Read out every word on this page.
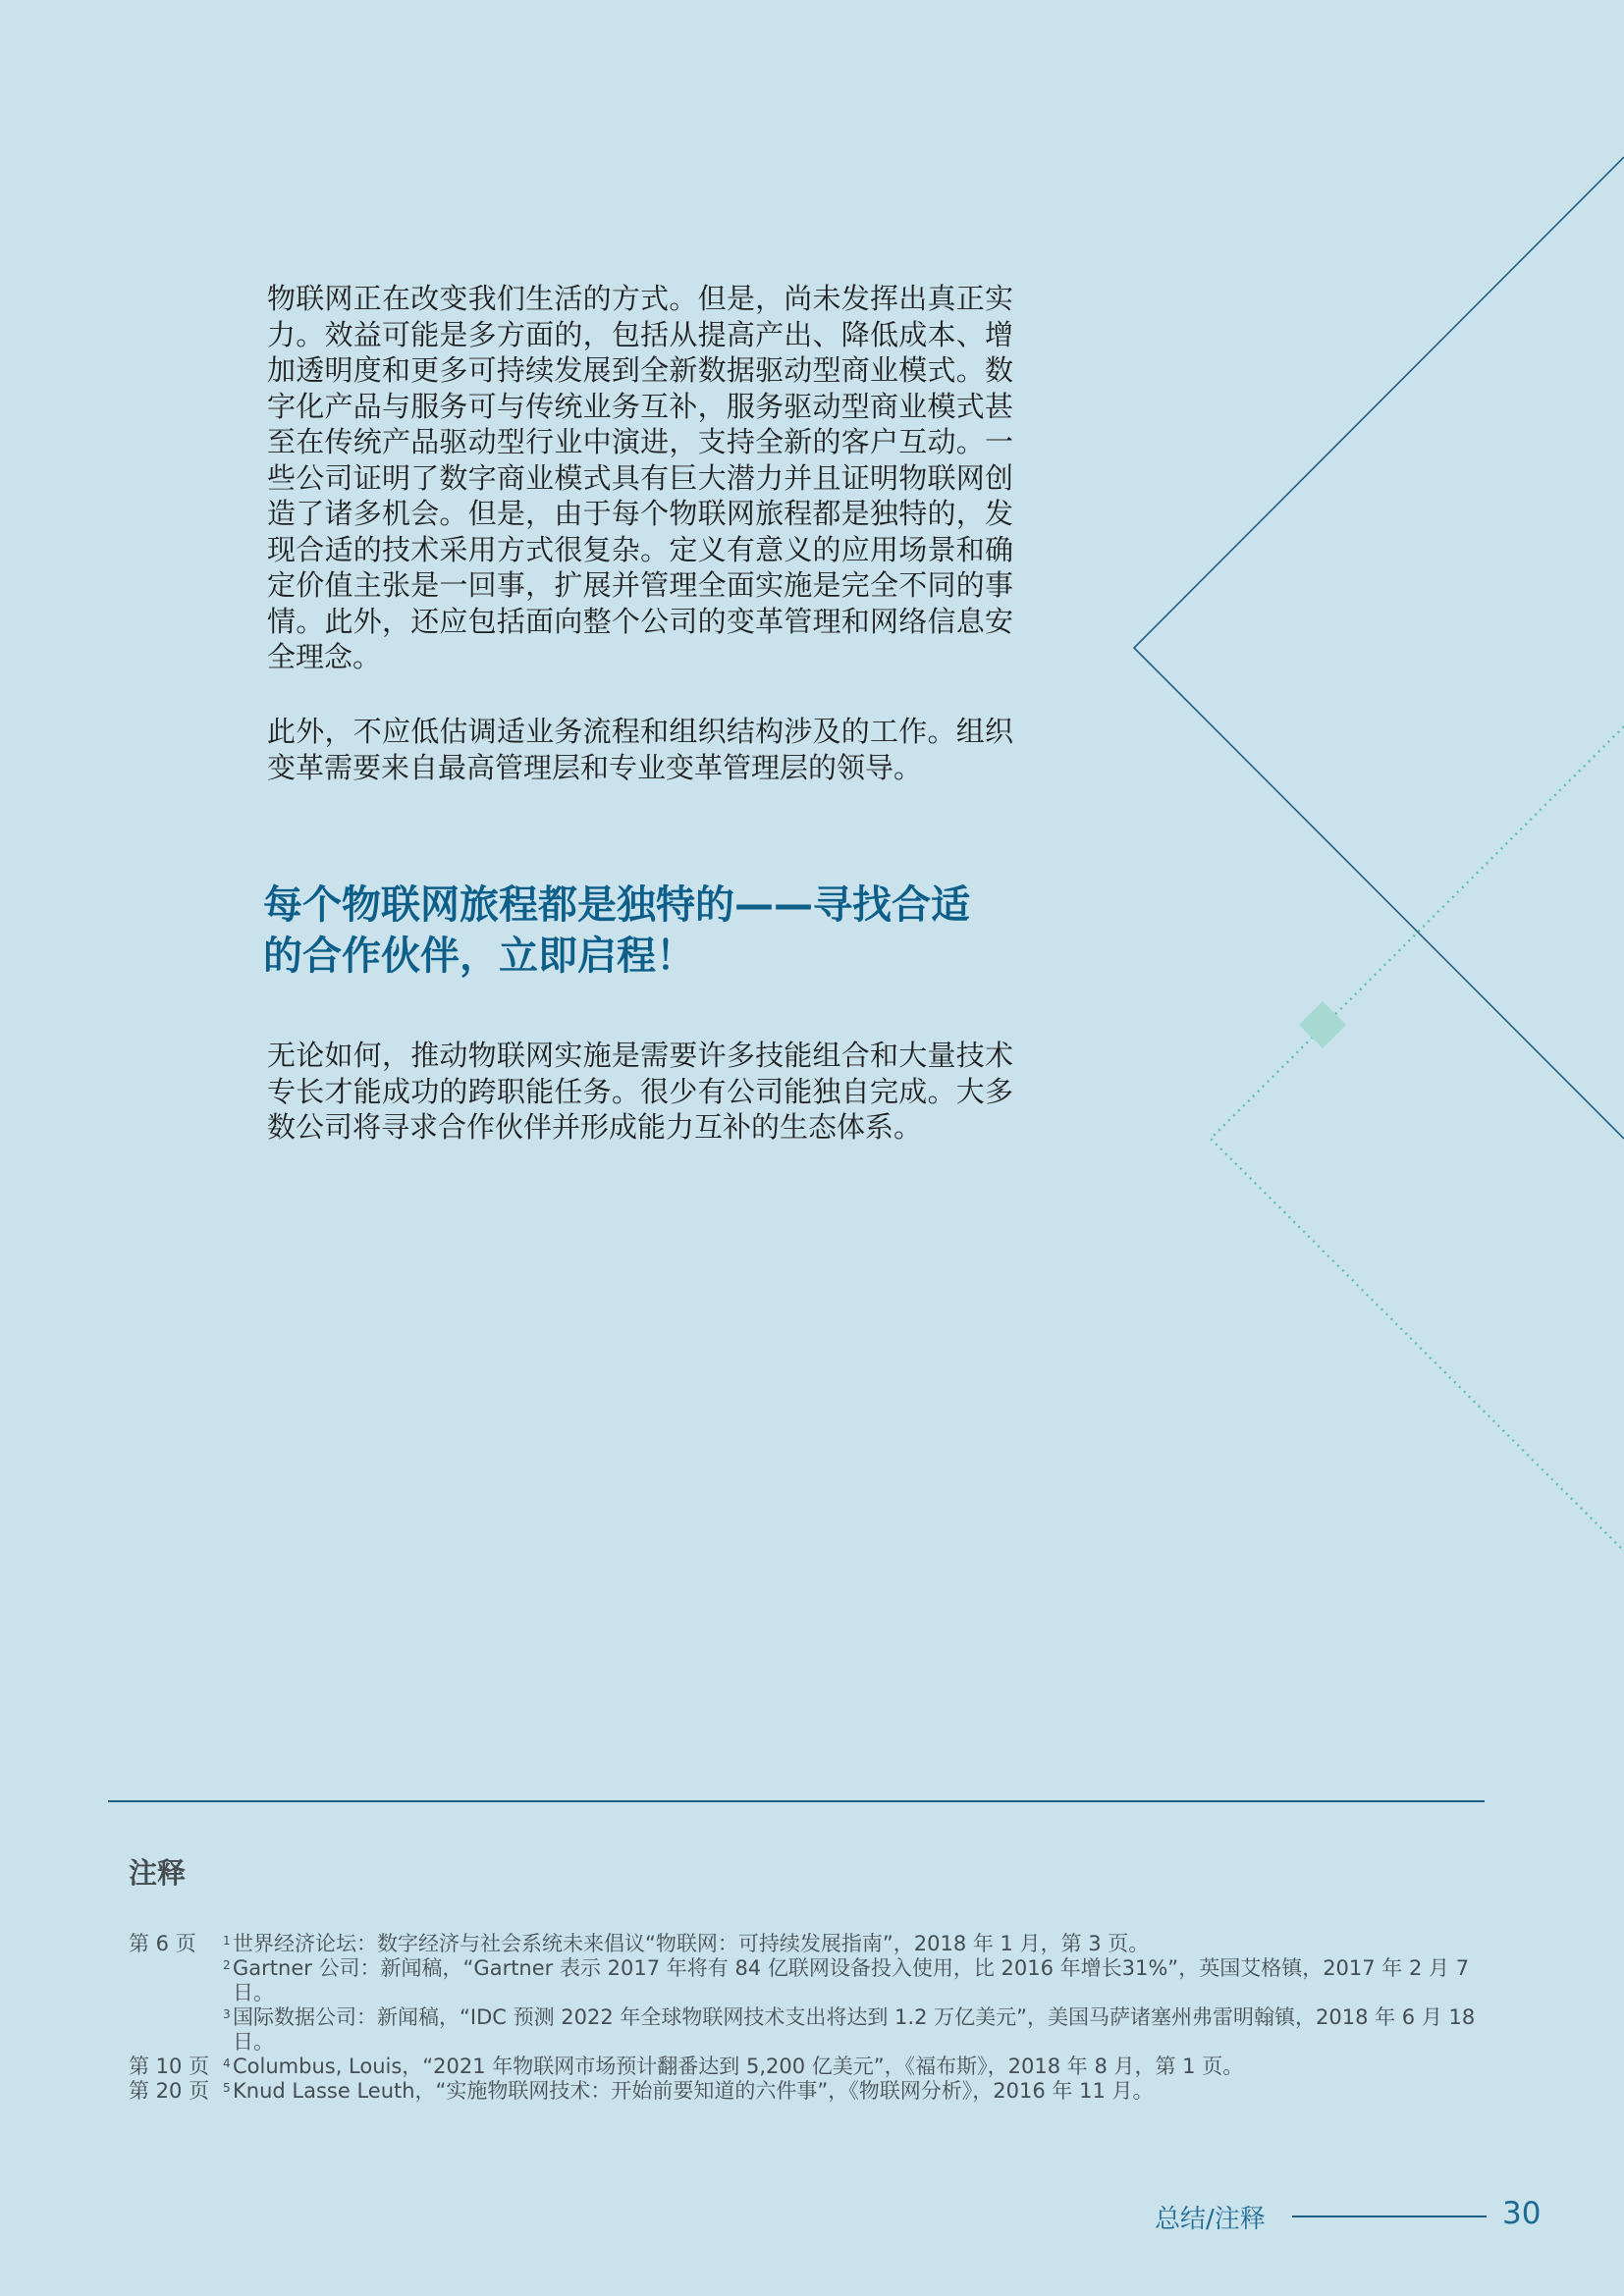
物联网正在改变我们生活的方式。但是，尚未发挥出真正实力。效益可能是多方面的，包括从提高产出、降低成本、增加透明度和更多可持续发展到全新数据驱动型商业模式。数字化产品与服务可与传统业务互补，服务驱动型商业模式甚至在传统产品驱动型行业中演进，支持全新的客户互动。一些公司证明了数字商业模式具有巨大潜力并且证明物联网创造了诸多机会。但是，由于每个物联网旅程都是独特的，发现合适的技术采用方式很复杂。定义有意义的应用场景和确定价值主张是一回事，扩展并管理全面实施是完全不同的事情。此外，还应包括面向整个公司的变革管理和网络信息安全理念。

此外，不应低估调适业务流程和组织结构涉及的工作。组织变革需要来自最高管理层和专业变革管理层的领导。

每个物联网旅程都是独特的——寻找合适的合作伙伴，立即启程！

无论如何，推动物联网实施是需要许多技能组合和大量技术专长才能成功的跨职能任务。很少有公司能独自完成。大多数公司将寻求合作伙伴并形成能力互补的生态体系。

注释
第 6 页	1 世界经济论坛：数字经济与社会系统未来倡议“物联网：可持续发展指南”，2018 年 1 月，第 3 页。
2 Gartner 公司：新闻稿，“Gartner 表示 2017 年将有 84 亿联网设备投入使用，比 2016 年增长31%”，英国艾格镇，2017 年 2 月 7 日。
3 国际数据公司：新闻稿，“IDC 预测 2022 年全球物联网技术支出将达到 1.2 万亿美元”，美国马萨诸塞州弗雷明翰镇，2018 年 6 月 18 日。
第 10 页	4 Columbus, Louis，“2021 年物联网市场预计翻番达到 5,200 亿美元”，《福布斯》，2018 年 8 月，第 1 页。
第 20 页	5 Knud Lasse Leuth，“实施物联网技术：开始前要知道的六件事”，《物联网分析》，2016 年 11 月。
总结/注释	30
